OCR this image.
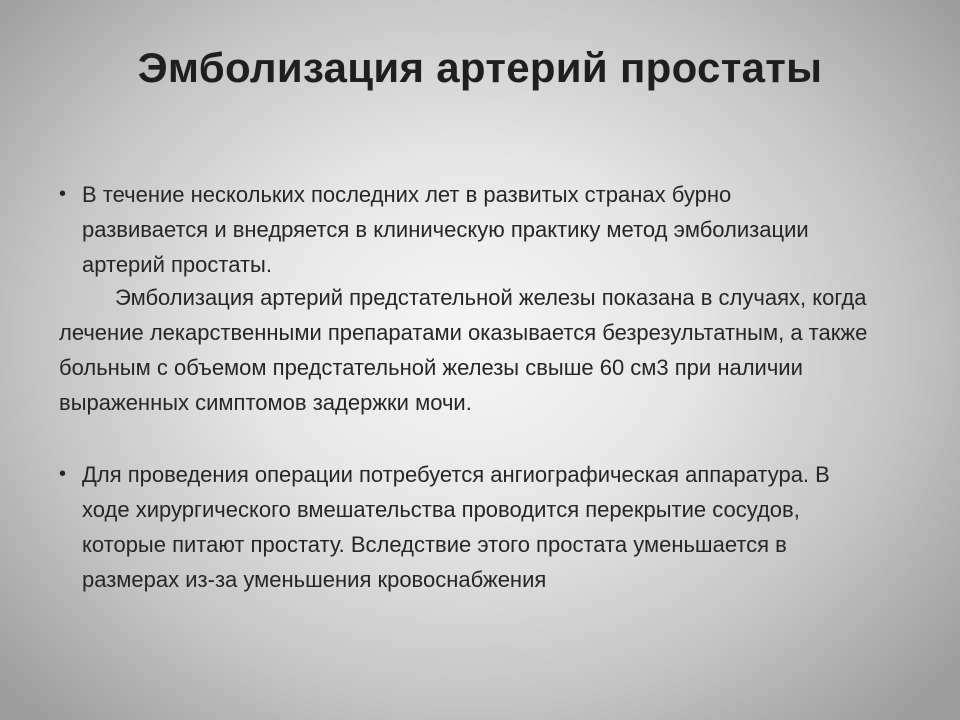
Эмболизация артерий простаты
• В течение нескольких последних лет в развитых странах бурно развивается и внедряется в клиническую практику метод эмболизации артерий простаты.

Эмболизация артерий предстательной железы показана в случаях, когда лечение лекарственными препаратами оказывается безрезультатным, а также больным с объемом предстательной железы свыше 60 см3 при наличии выраженных симптомов задержки мочи.

• Для проведения операции потребуется ангиографическая аппаратура. В ходе хирургического вмешательства проводится перекрытие сосудов, которые питают простату. Вследствие этого простата уменьшается в размерах из-за уменьшения кровоснабжения
